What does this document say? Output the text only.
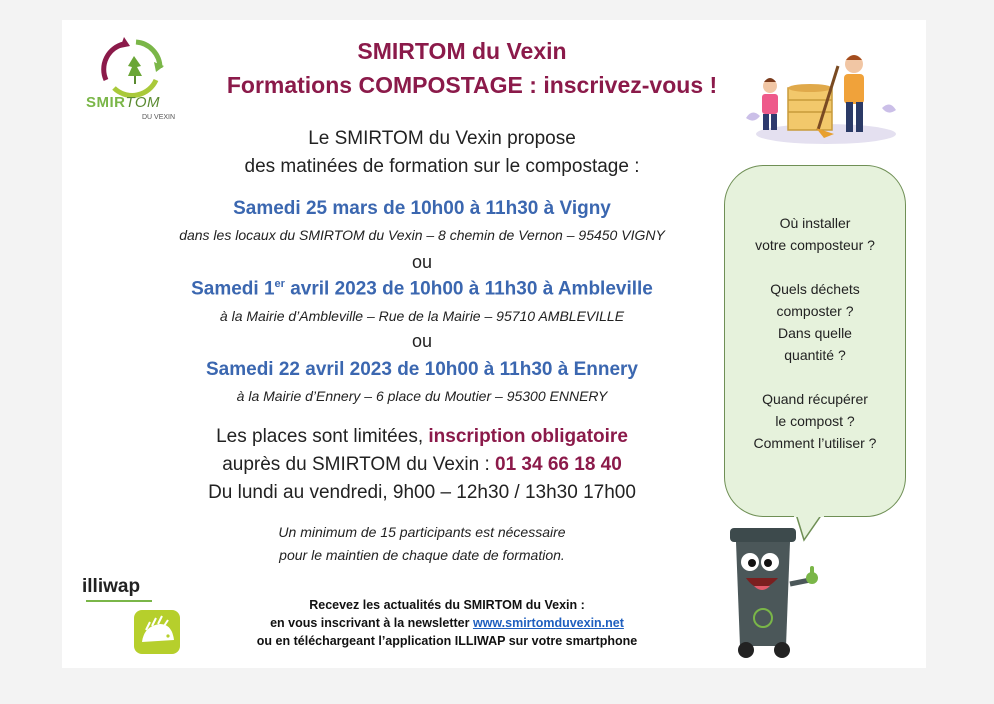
SMIRTOM
DU VEXIN
SMIRTOM du Vexin
Formations COMPOSTAGE : inscrivez-vous !
Le SMIRTOM du Vexin propose
des matinées de formation sur le compostage :
Samedi 25 mars de 10h00 à 11h30 à Vigny
dans les locaux du SMIRTOM du Vexin – 8 chemin de Vernon – 95450 VIGNY
ou
Samedi 1er avril 2023 de 10h00 à 11h30 à Ambleville
à la Mairie d’Ambleville – Rue de la Mairie – 95710 AMBLEVILLE
ou
Samedi 22 avril 2023 de 10h00 à 11h30 à Ennery
à la Mairie d’Ennery – 6 place du Moutier – 95300 ENNERY
Les places sont limitées, inscription obligatoire
auprès du SMIRTOM du Vexin : 01 34 66 18 40
Du lundi au vendredi, 9h00 – 12h30 / 13h30 17h00
Un minimum de 15 participants est nécessaire
pour le maintien de chaque date de formation.

Où installer
votre composteur ?

Quels déchets
composter ?
Dans quelle
quantité ?

Quand récupérer
le compost ?
Comment l’utiliser ?

illiwap
Recevez les actualités du SMIRTOM du Vexin :
en vous inscrivant à la newsletter www.smirtomduvexin.net
ou en téléchargeant l’application ILLIWAP sur votre smartphone
